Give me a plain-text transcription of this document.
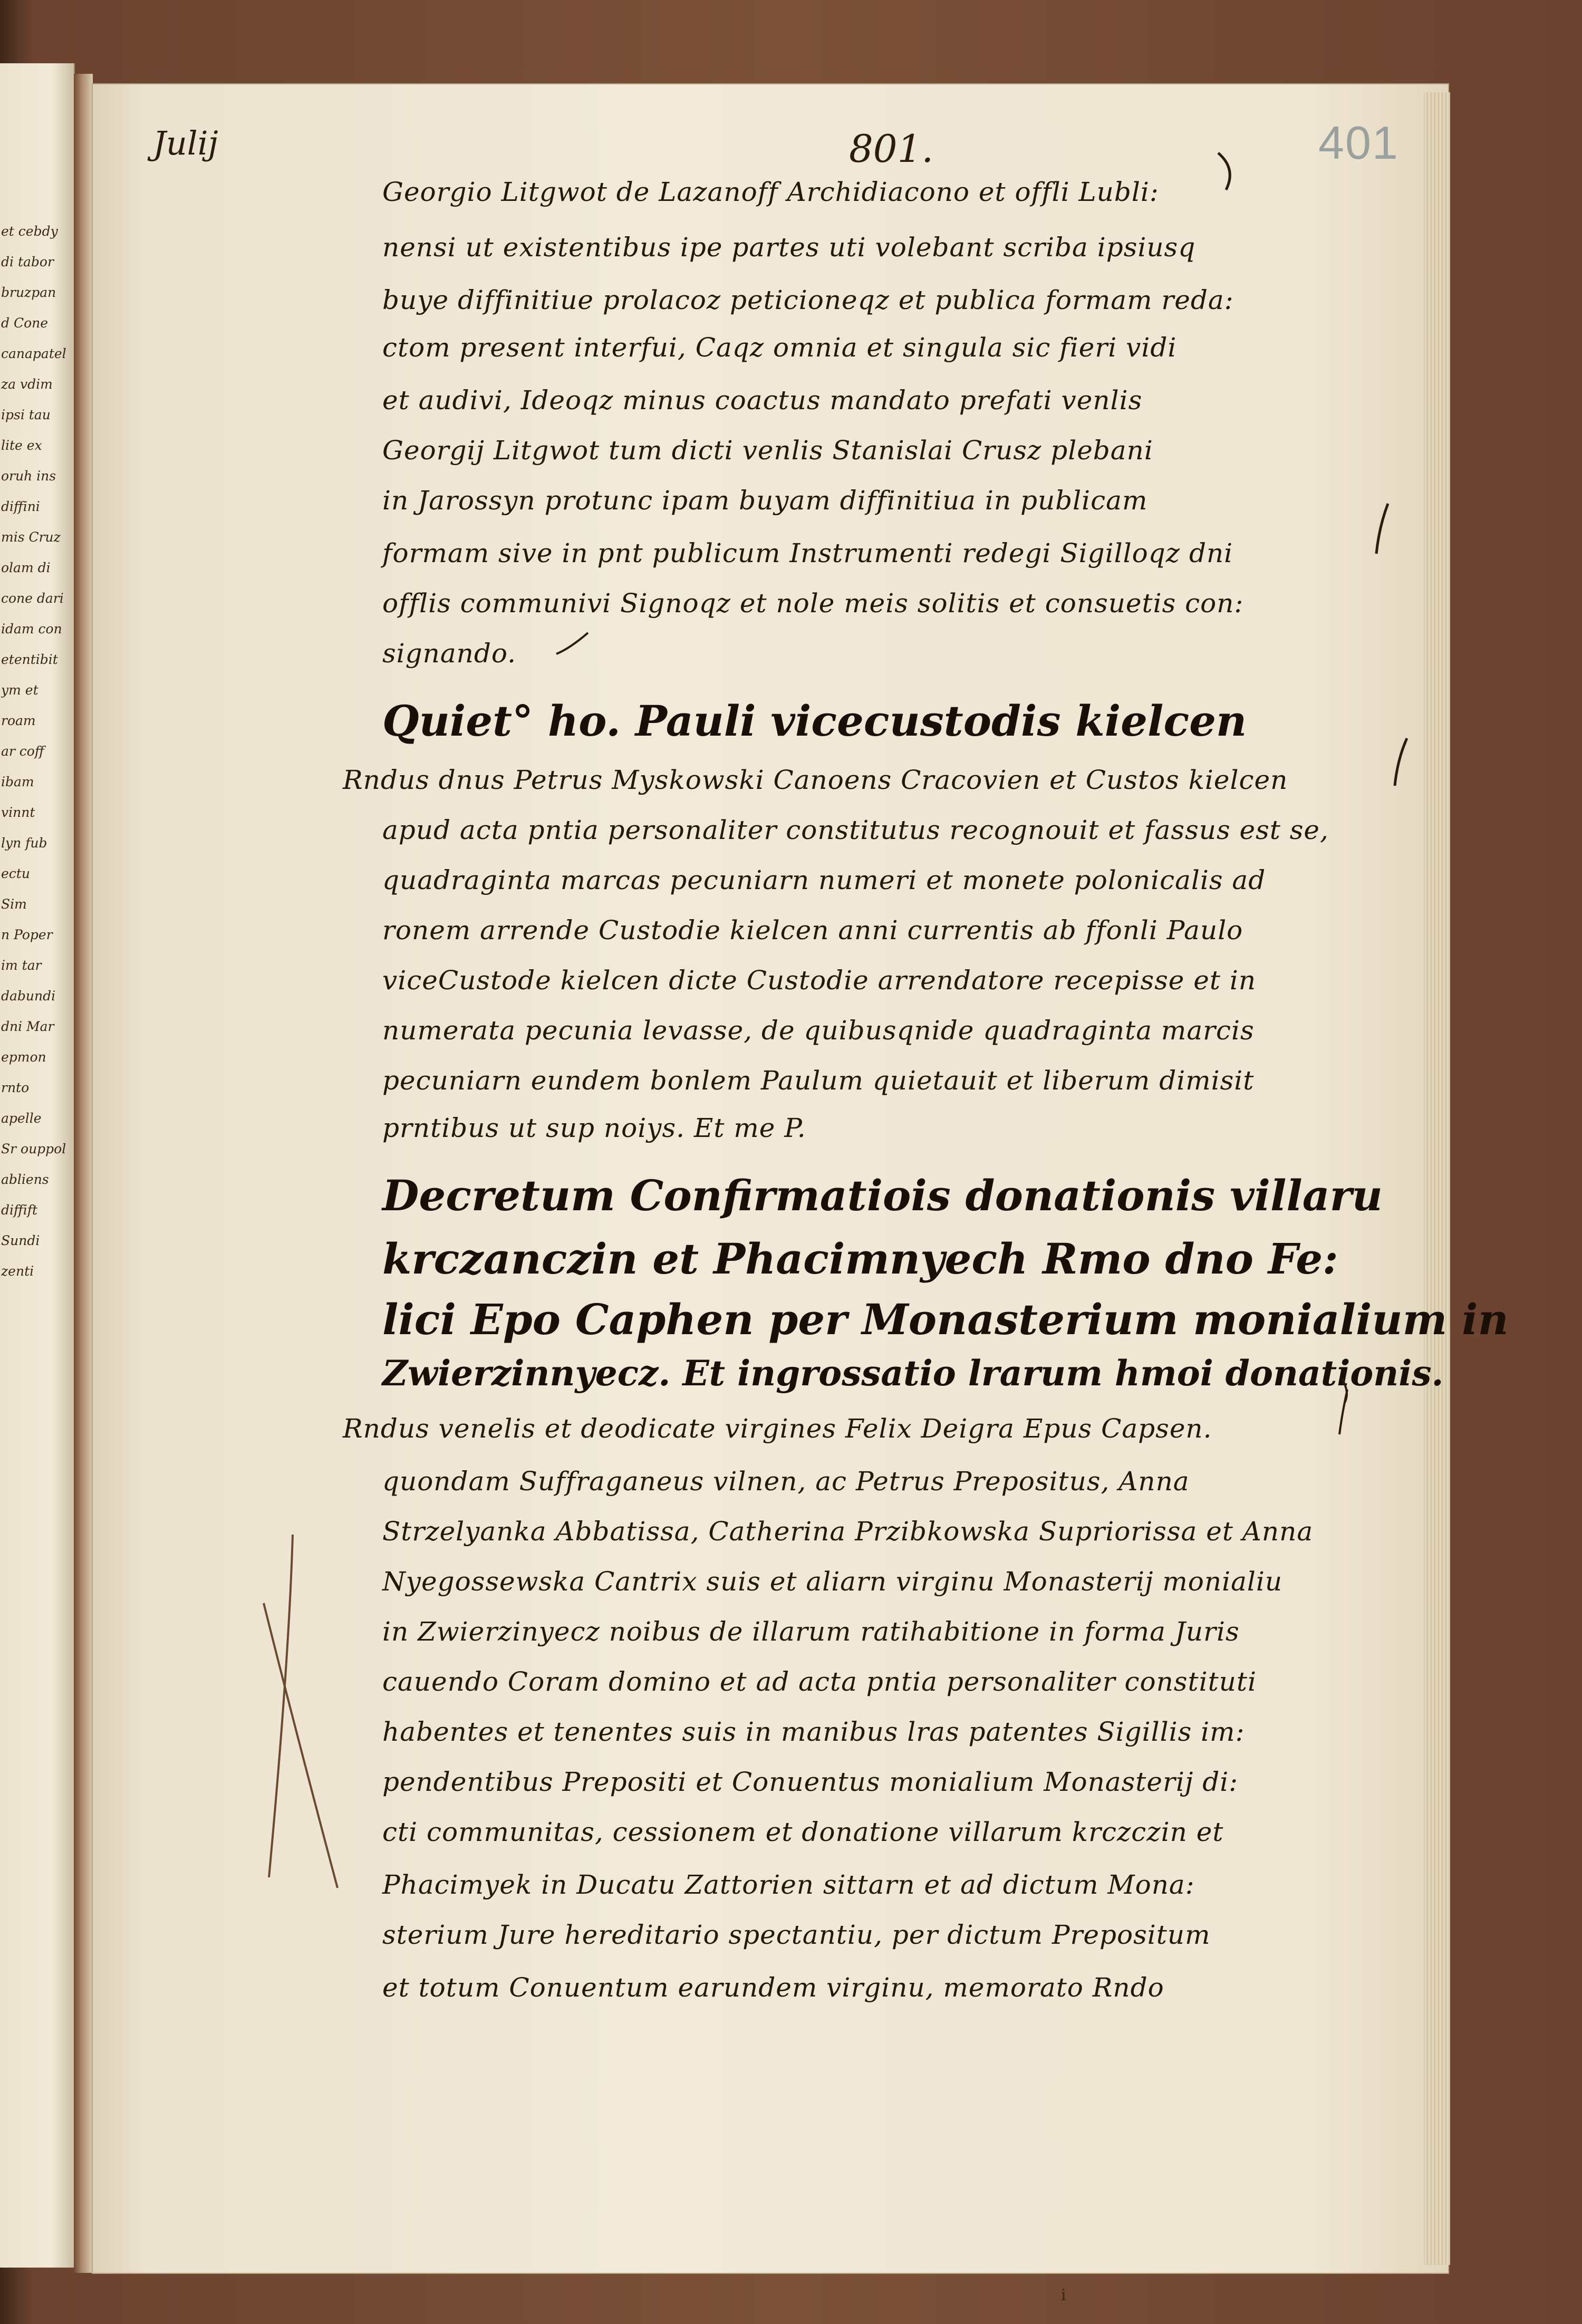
et cebdy
di tabor
bruzpan
d Cone
canapatel
za vdim
ipsi tau
lite ex
oruh ins
diffini
mis Cruz
olam di
cone dari
idam con
etentibit
ym et
roam
ar coff
ibam
vinnt
lyn fub
ectu
Sim
n Poper
im tar
dabundi
dni Mar
epmon
rnto
apelle
Sr ouppol
abliens
diffift
Sundi
zenti
Julij	801.	401
Georgio Litgwot de Lazanoff Archidiacono et offli Lubli:
nensi ut existentibus ipe partes uti volebant scriba ipsiusq
buye diffinitiue prolacoz peticioneqz et publica formam reda:
ctom present interfui, Caqz omnia et singula sic fieri vidi
et audivi, Ideoqz minus coactus mandato prefati venlis
Georgij Litgwot tum dicti venlis Stanislai Crusz plebani
in Jarossyn protunc ipam buyam diffinitiua in publicam
formam sive in pnt publicum Instrumenti redegi Sigilloqz dni
offlis communivi Signoqz et nole meis solitis et consuetis con:
signando.
Quiet° ho. Pauli vicecustodis kielcen
Rndus dnus Petrus Myskowski Canoens Cracovien et Custos kielcen
apud acta pntia personaliter constitutus recognouit et fassus est se,
quadraginta marcas pecuniarn numeri et monete polonicalis ad
ronem arrende Custodie kielcen anni currentis ab ffonli Paulo
viceCustode kielcen dicte Custodie arrendatore recepisse et in
numerata pecunia levasse, de quibusqnide quadraginta marcis
pecuniarn eundem bonlem Paulum quietauit et liberum dimisit
prntibus ut sup noiys. Et me P.
Decretum Confirmatiois donationis villaru
krczanczin et Phacimnyech Rmo dno Fe:
lici Epo Caphen per Monasterium monialium in
Zwierzinnyecz. Et ingrossatio lrarum hmoi donationis.
Rndus venelis et deodicate virgines Felix Deigra Epus Capsen.
quondam Suffraganeus vilnen, ac Petrus Prepositus, Anna
Strzelyanka Abbatissa, Catherina Przibkowska Supriorissa et Anna
Nyegossewska Cantrix suis et aliarn virginu Monasterij monialiu
in Zwierzinyecz noibus de illarum ratihabitione in forma Juris
cauendo Coram domino et ad acta pntia personaliter constituti
habentes et tenentes suis in manibus lras patentes Sigillis im:
pendentibus Prepositi et Conuentus monialium Monasterij di:
cti communitas, cessionem et donatione villarum krczczin et
Phacimyek in Ducatu Zattorien sittarn et ad dictum Mona:
sterium Jure hereditario spectantiu, per dictum Prepositum
et totum Conuentum earundem virginu, memorato Rndo
i
